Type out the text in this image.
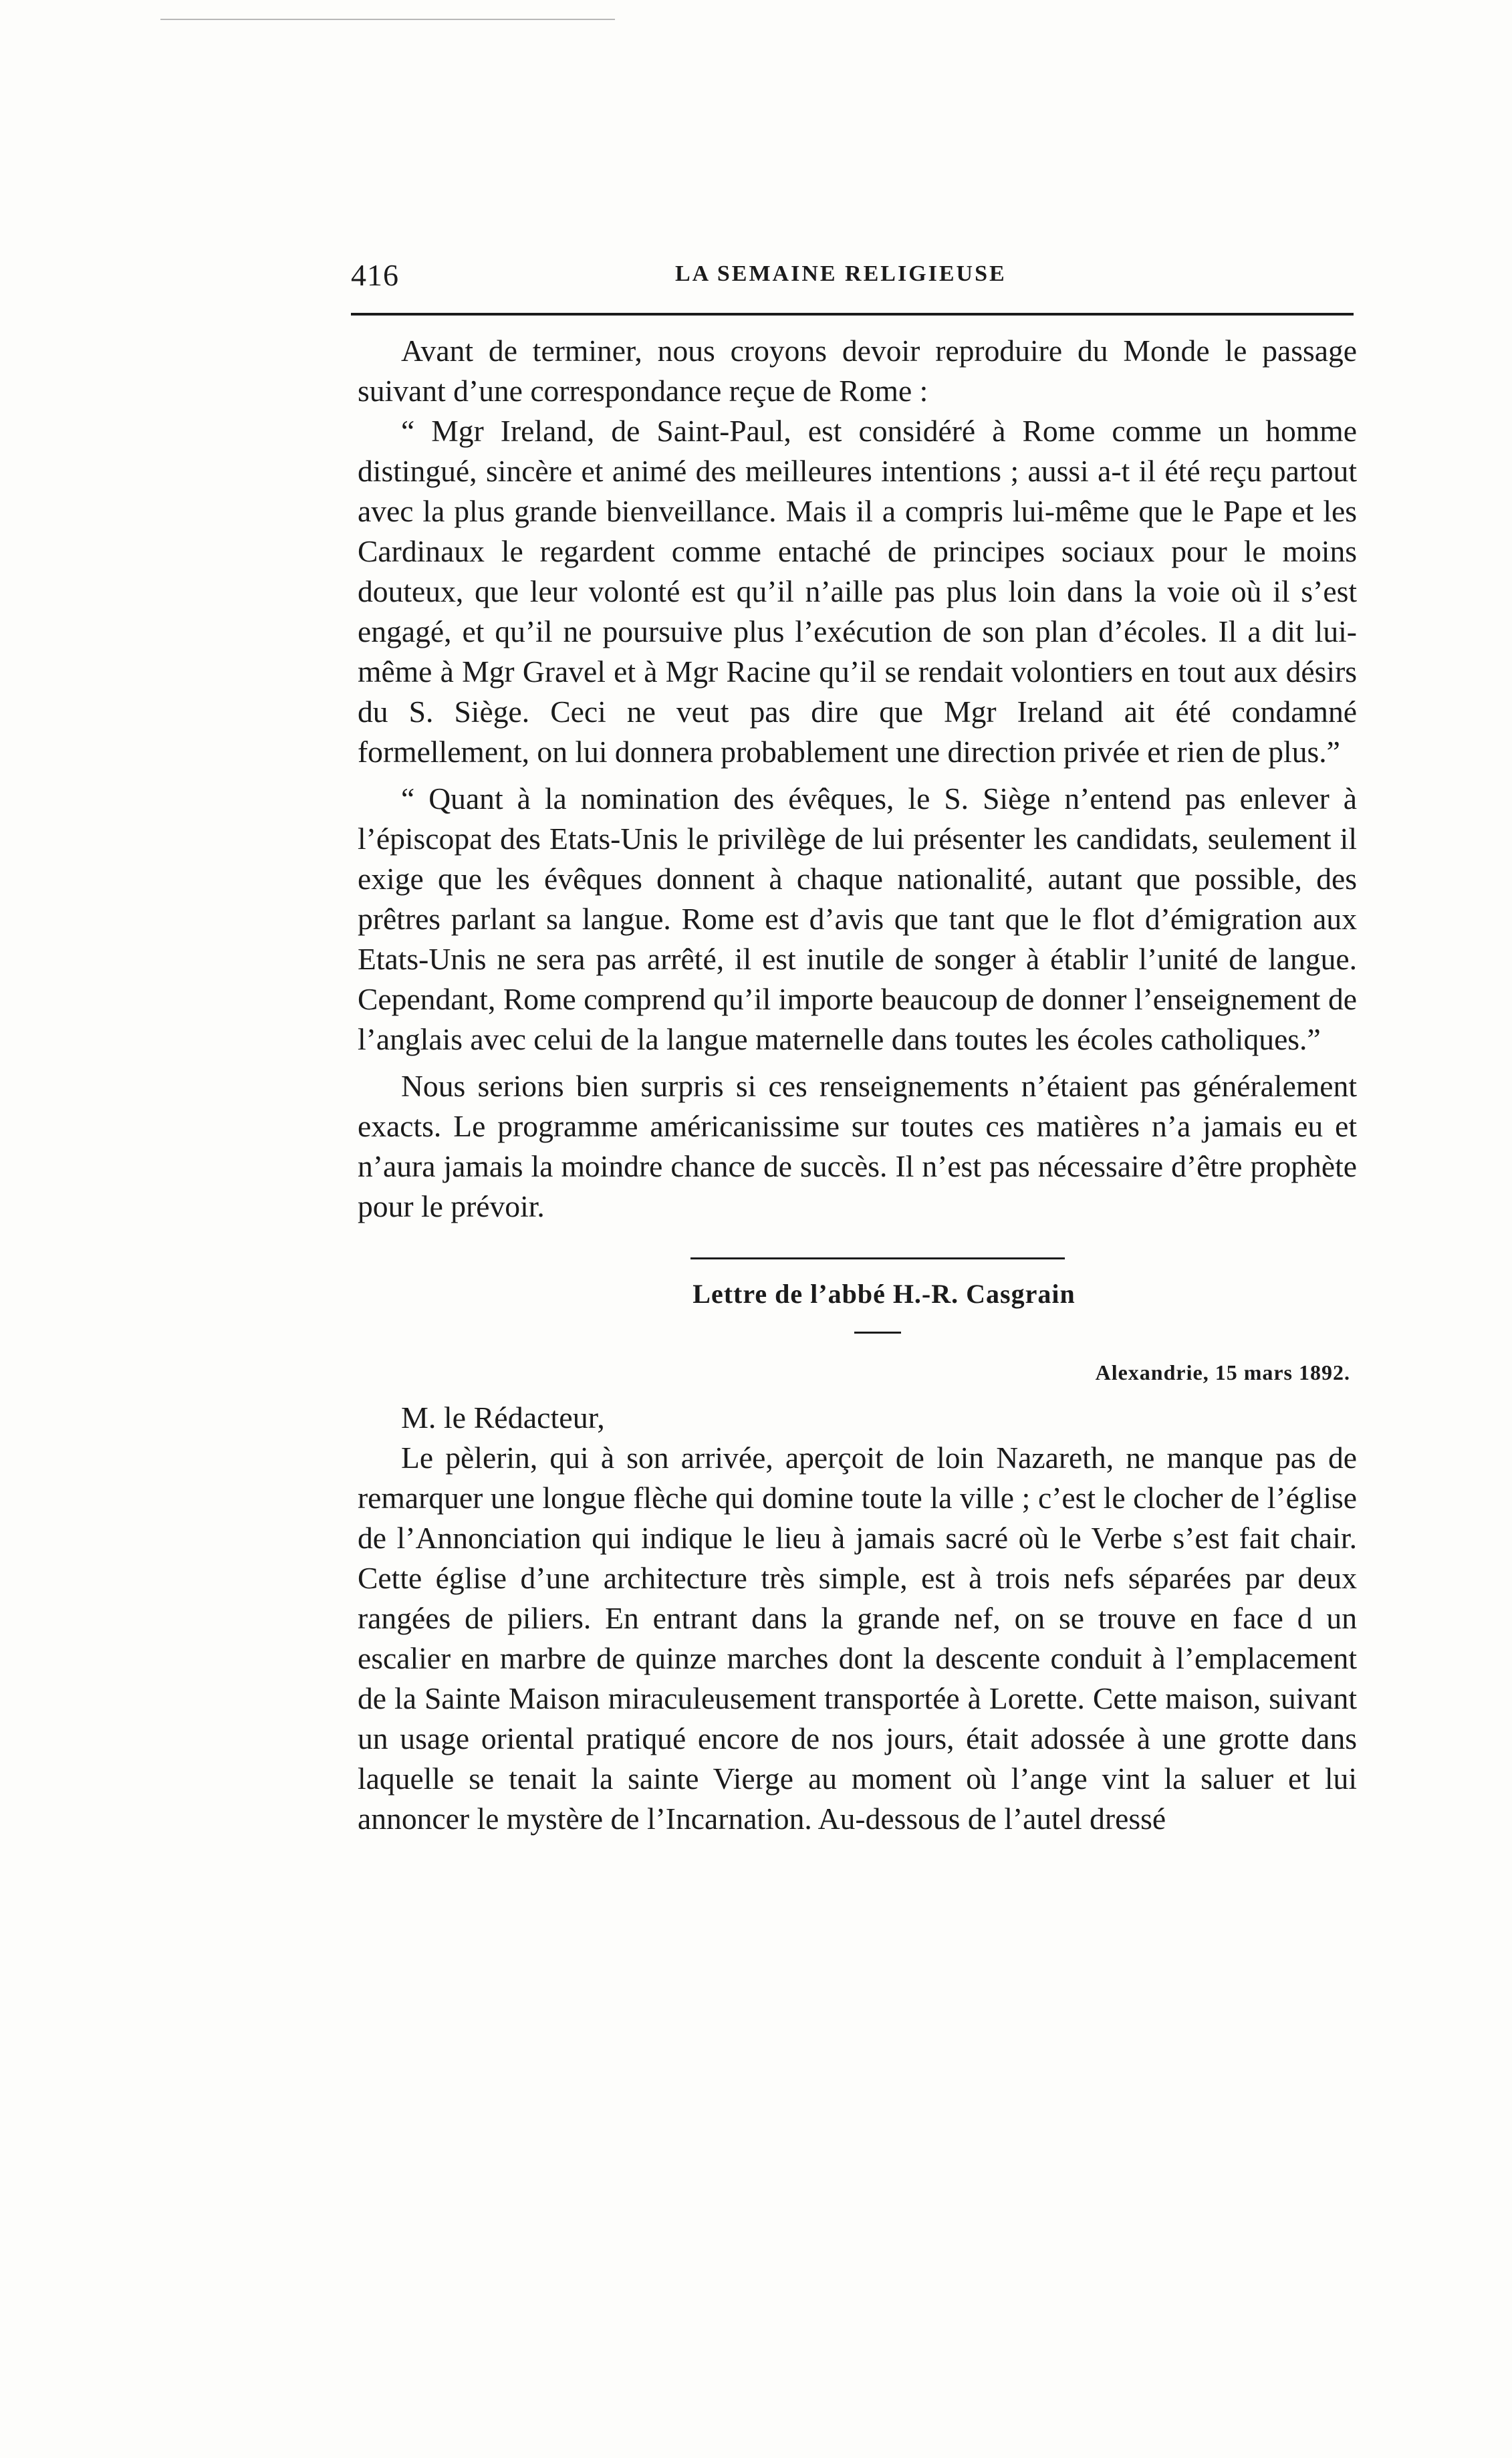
416	LA SEMAINE RELIGIEUSE

Avant de terminer, nous croyons devoir reproduire du Monde le passage suivant d’une correspondance reçue de Rome :

“ Mgr Ireland, de Saint-Paul, est considéré à Rome comme un homme distingué, sincère et animé des meilleures intentions ; aussi a-t il été reçu partout avec la plus grande bienveillance. Mais il a compris lui-même que le Pape et les Cardinaux le regardent comme entaché de principes sociaux pour le moins douteux, que leur volonté est qu’il n’aille pas plus loin dans la voie où il s’est engagé, et qu’il ne poursuive plus l’exécution de son plan d’écoles. Il a dit lui-même à Mgr Gravel et à Mgr Racine qu’il se rendait volontiers en tout aux désirs du S. Siège. Ceci ne veut pas dire que Mgr Ireland ait été condamné formellement, on lui donnera probablement une direction privée et rien de plus.”

“ Quant à la nomination des évêques, le S. Siège n’entend pas enlever à l’épiscopat des Etats-Unis le privilège de lui présenter les candidats, seulement il exige que les évêques donnent à chaque nationalité, autant que possible, des prêtres parlant sa langue. Rome est d’avis que tant que le flot d’émigration aux Etats-Unis ne sera pas arrêté, il est inutile de songer à établir l’unité de langue. Cependant, Rome comprend qu’il importe beaucoup de donner l’enseignement de l’anglais avec celui de la langue maternelle dans toutes les écoles catholiques.”

Nous serions bien surpris si ces renseignements n’étaient pas généralement exacts. Le programme américanissime sur toutes ces matières n’a jamais eu et n’aura jamais la moindre chance de succès. Il n’est pas nécessaire d’être prophète pour le prévoir.

Lettre de l’abbé H.-R. Casgrain
Alexandrie, 15 mars 1892.
M. le Rédacteur,

Le pèlerin, qui à son arrivée, aperçoit de loin Nazareth, ne manque pas de remarquer une longue flèche qui domine toute la ville ; c’est le clocher de l’église de l’Annonciation qui indique le lieu à jamais sacré où le Verbe s’est fait chair. Cette église d’une architecture très simple, est à trois nefs séparées par deux rangées de piliers. En entrant dans la grande nef, on se trouve en face d un escalier en marbre de quinze marches dont la descente conduit à l’emplacement de la Sainte Maison miraculeusement transportée à Lorette. Cette maison, suivant un usage oriental pratiqué encore de nos jours, était adossée à une grotte dans laquelle se tenait la sainte Vierge au moment où l’ange vint la saluer et lui annoncer le mystère de l’Incarnation. Au-dessous de l’autel dressé
